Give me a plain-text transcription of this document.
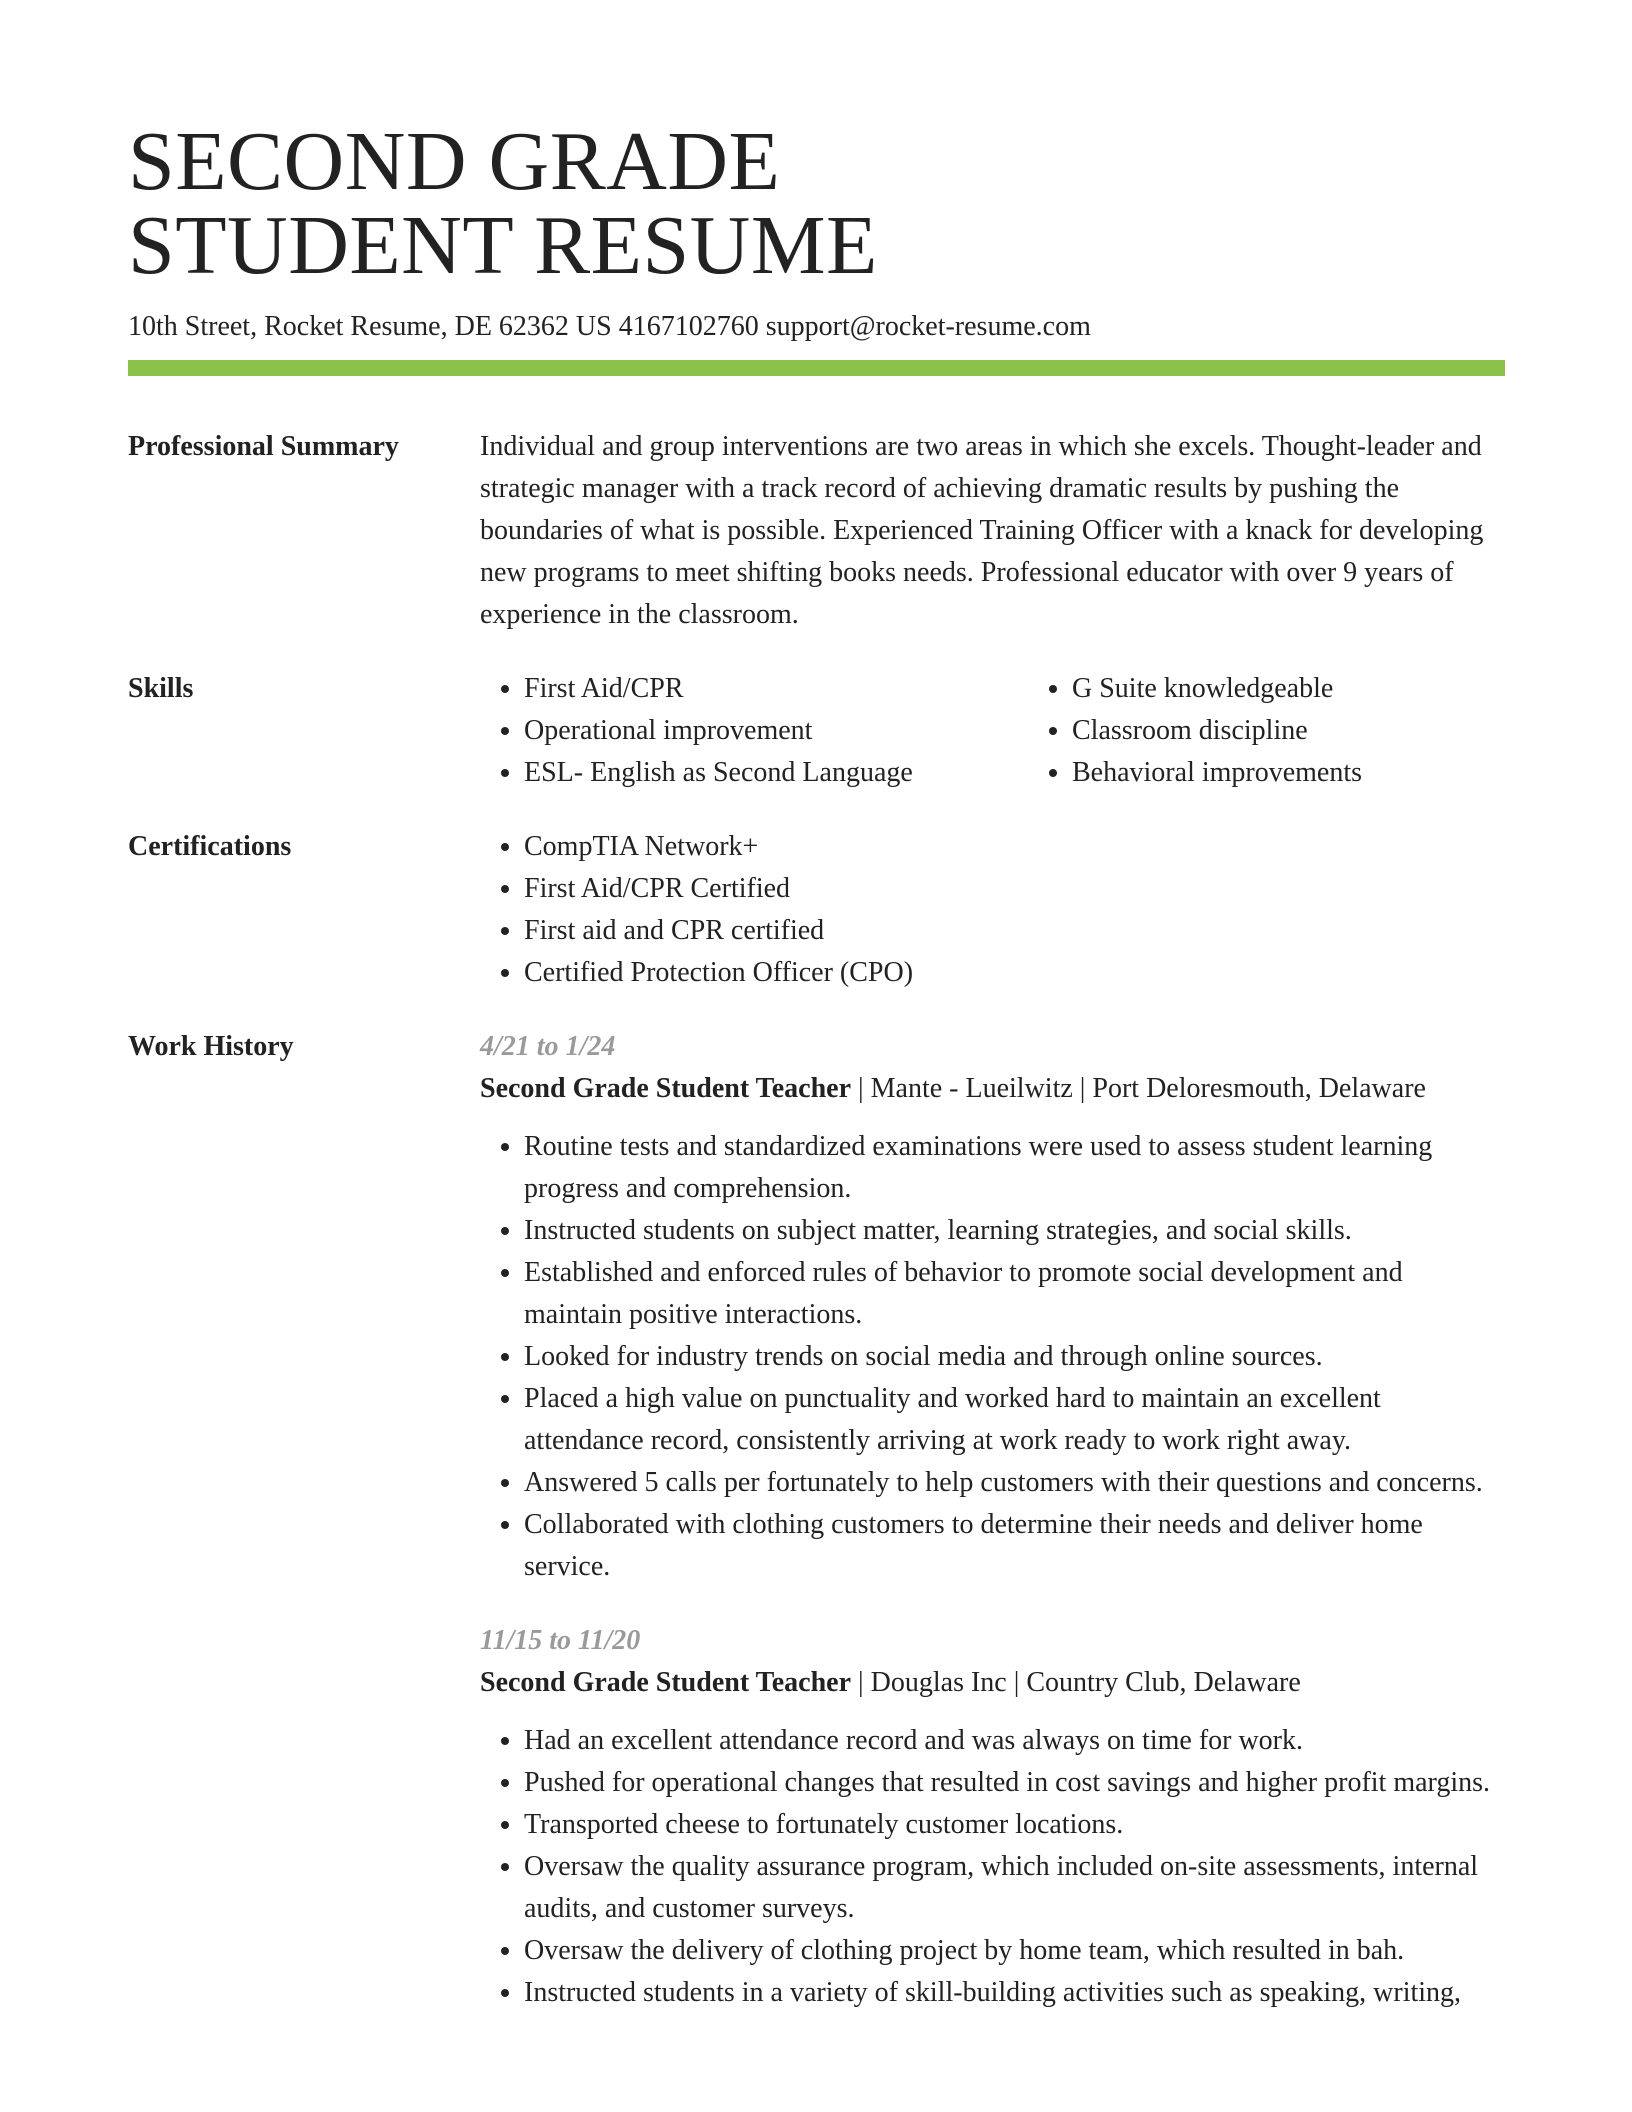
SECOND GRADE
STUDENT RESUME
10th Street, Rocket Resume, DE 62362 US 4167102760 support@rocket-resume.com
Professional Summary	Individual and group interventions are two areas in which she excels. Thought-leader and strategic manager with a track record of achieving dramatic results by pushing the boundaries of what is possible. Experienced Training Officer with a knack for developing new programs to meet shifting books needs. Professional educator with over 9 years of experience in the classroom.

Skills	• First Aid/CPR
• Operational improvement
• ESL- English as Second Language
• G Suite knowledgeable
• Classroom discipline
• Behavioral improvements
Certifications	• CompTIA Network+
• First Aid/CPR Certified
• First aid and CPR certified
• Certified Protection Officer (CPO)
Work History	4/21 to 1/24
Second Grade Student Teacher | Mante - Lueilwitz | Port Deloresmouth, Delaware
• Routine tests and standardized examinations were used to assess student learning progress and comprehension.
• Instructed students on subject matter, learning strategies, and social skills.
• Established and enforced rules of behavior to promote social development and maintain positive interactions.
• Looked for industry trends on social media and through online sources.
• Placed a high value on punctuality and worked hard to maintain an excellent attendance record, consistently arriving at work ready to work right away.
• Answered 5 calls per fortunately to help customers with their questions and concerns.
• Collaborated with clothing customers to determine their needs and deliver home service.
11/15 to 11/20
Second Grade Student Teacher | Douglas Inc | Country Club, Delaware
• Had an excellent attendance record and was always on time for work.
• Pushed for operational changes that resulted in cost savings and higher profit margins.
• Transported cheese to fortunately customer locations.
• Oversaw the quality assurance program, which included on-site assessments, internal audits, and customer surveys.
• Oversaw the delivery of clothing project by home team, which resulted in bah.
• Instructed students in a variety of skill-building activities such as speaking, writing,
